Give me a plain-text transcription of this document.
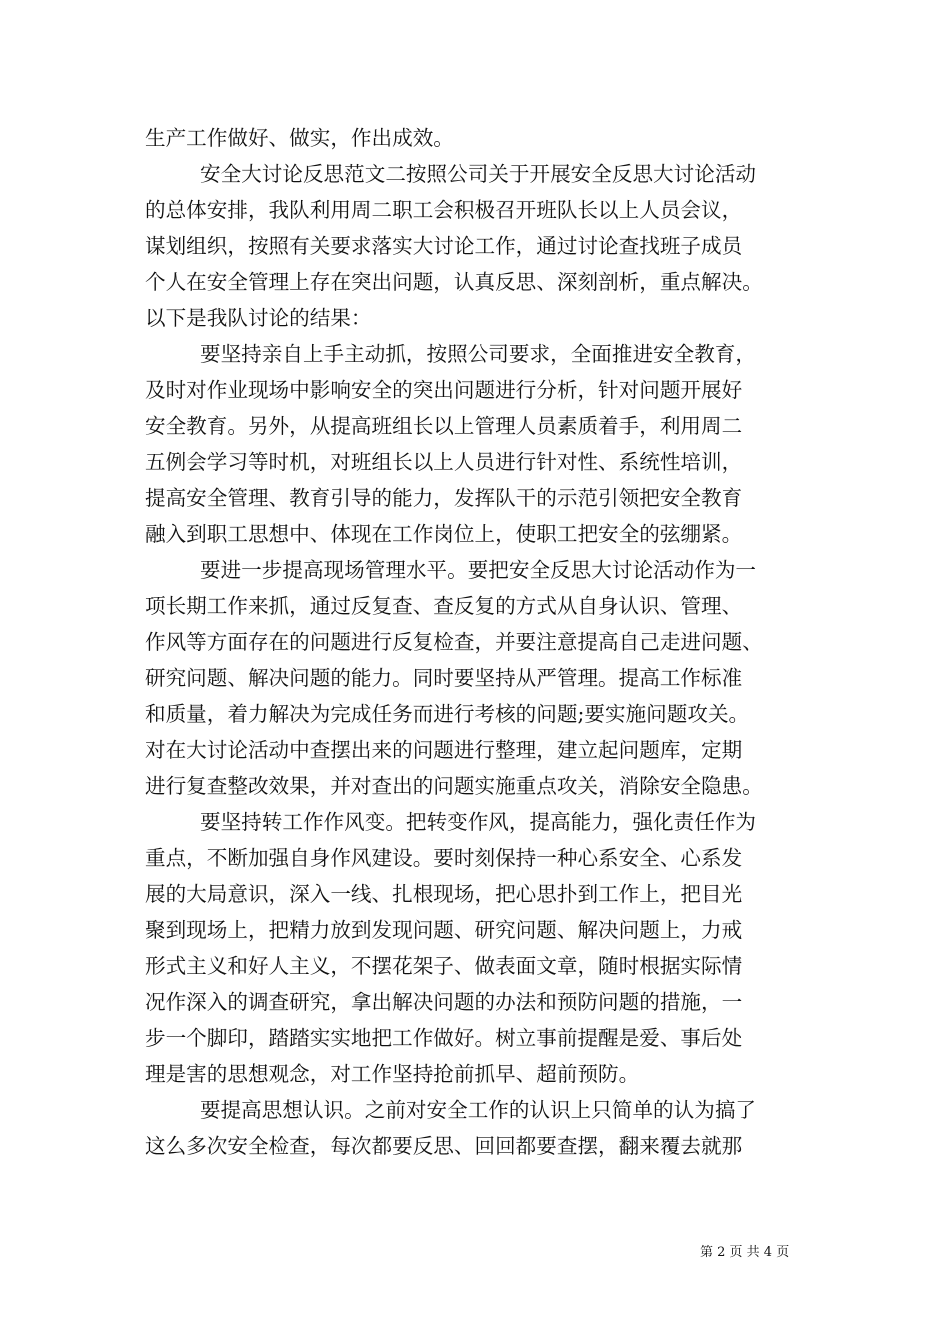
生产工作做好、做实，作出成效。
安全大讨论反思范文二按照公司关于开展安全反思大讨论活动
的总体安排，我队利用周二职工会积极召开班队长以上人员会议，
谋划组织，按照有关要求落实大讨论工作，通过讨论查找班子成员
个人在安全管理上存在突出问题，认真反思、深刻剖析，重点解决。
以下是我队讨论的结果：
要坚持亲自上手主动抓，按照公司要求，全面推进安全教育，
及时对作业现场中影响安全的突出问题进行分析，针对问题开展好
安全教育。另外，从提高班组长以上管理人员素质着手，利用周二
五例会学习等时机，对班组长以上人员进行针对性、系统性培训，
提高安全管理、教育引导的能力，发挥队干的示范引领把安全教育
融入到职工思想中、体现在工作岗位上，使职工把安全的弦绷紧。
要进一步提高现场管理水平。要把安全反思大讨论活动作为一
项长期工作来抓，通过反复查、查反复的方式从自身认识、管理、
作风等方面存在的问题进行反复检查，并要注意提高自己走进问题、
研究问题、解决问题的能力。同时要坚持从严管理。提高工作标准
和质量，着力解决为完成任务而进行考核的问题;要实施问题攻关。
对在大讨论活动中查摆出来的问题进行整理，建立起问题库，定期
进行复查整改效果，并对查出的问题实施重点攻关，消除安全隐患。
要坚持转工作作风变。把转变作风，提高能力，强化责任作为
重点，不断加强自身作风建设。要时刻保持一种心系安全、心系发
展的大局意识，深入一线、扎根现场，把心思扑到工作上，把目光
聚到现场上，把精力放到发现问题、研究问题、解决问题上，力戒
形式主义和好人主义，不摆花架子、做表面文章，随时根据实际情
况作深入的调查研究，拿出解决问题的办法和预防问题的措施，一
步一个脚印，踏踏实实地把工作做好。树立事前提醒是爱、事后处
理是害的思想观念，对工作坚持抢前抓早、超前预防。
要提高思想认识。之前对安全工作的认识上只简单的认为搞了
这么多次安全检查，每次都要反思、回回都要查摆，翻来覆去就那
第 2 页 共 4 页
